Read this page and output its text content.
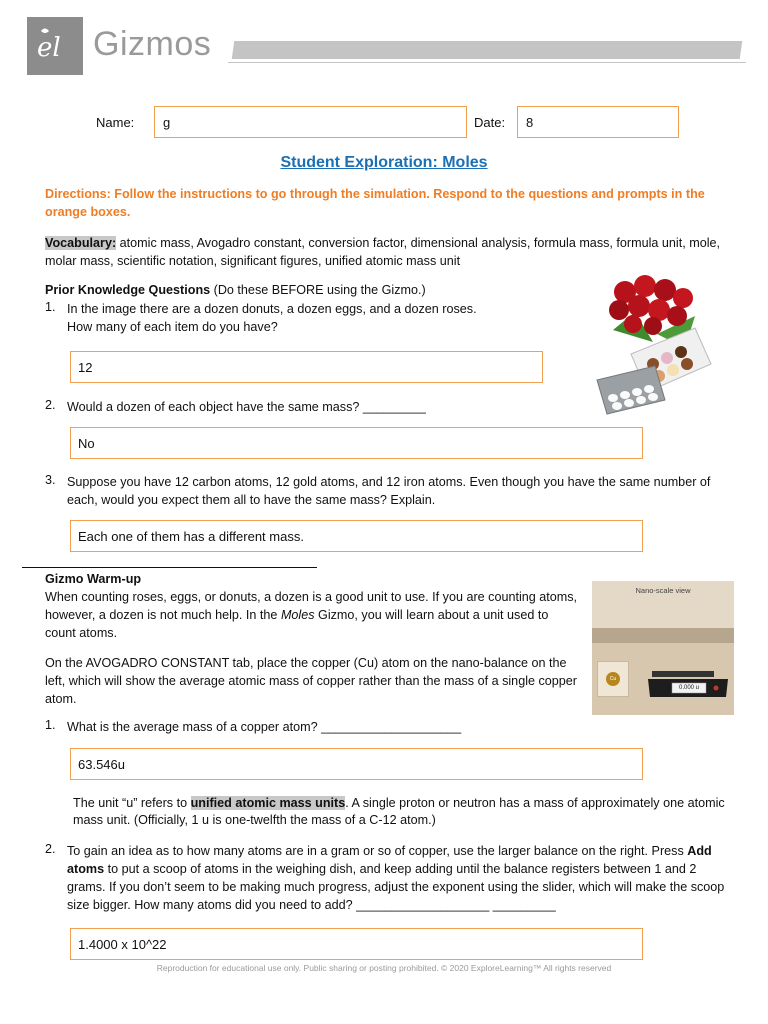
el Gizmos
Name:	g	Date:	8
Student Exploration: Moles
Directions: Follow the instructions to go through the simulation. Respond to the questions and prompts in the orange boxes.
Vocabulary: atomic mass, Avogadro constant, conversion factor, dimensional analysis, formula mass, formula unit, mole, molar mass, scientific notation, significant figures, unified atomic mass unit
Prior Knowledge Questions (Do these BEFORE using the Gizmo.)
1. In the image there are a dozen donuts, a dozen eggs, and a dozen roses.
How many of each item do you have?
12
2. Would a dozen of each object have the same mass? _________
No
3. Suppose you have 12 carbon atoms, 12 gold atoms, and 12 iron atoms. Even though you have the same number of each, would you expect them all to have the same mass? Explain.
Each one of them has a different mass.
Gizmo Warm-up
When counting roses, eggs, or donuts, a dozen is a good unit to use. If you are counting atoms, however, a dozen is not much help. In the Moles Gizmo, you will learn about a unit used to count atoms.
On the AVOGADRO CONSTANT tab, place the copper (Cu) atom on the nano-balance on the left, which will show the average atomic mass of copper rather than the mass of a single copper atom.
Nano-scale view
Cu
0.000 u
1. What is the average mass of a copper atom? ____________________
63.546u
The unit “u” refers to unified atomic mass units. A single proton or neutron has a mass of approximately one atomic mass unit. (Officially, 1 u is one-twelfth the mass of a C-12 atom.)
2. To gain an idea as to how many atoms are in a gram or so of copper, use the larger balance on the right. Press Add atoms to put a scoop of atoms in the weighing dish, and keep adding until the balance registers between 1 and 2 grams. If you don’t seem to be making much progress, adjust the exponent using the slider, which will make the scoop size bigger. How many atoms did you need to add? ___________________ _________
1.4000 x 10^22
Reproduction for educational use only. Public sharing or posting prohibited. © 2020 ExploreLearning™ All rights reserved
